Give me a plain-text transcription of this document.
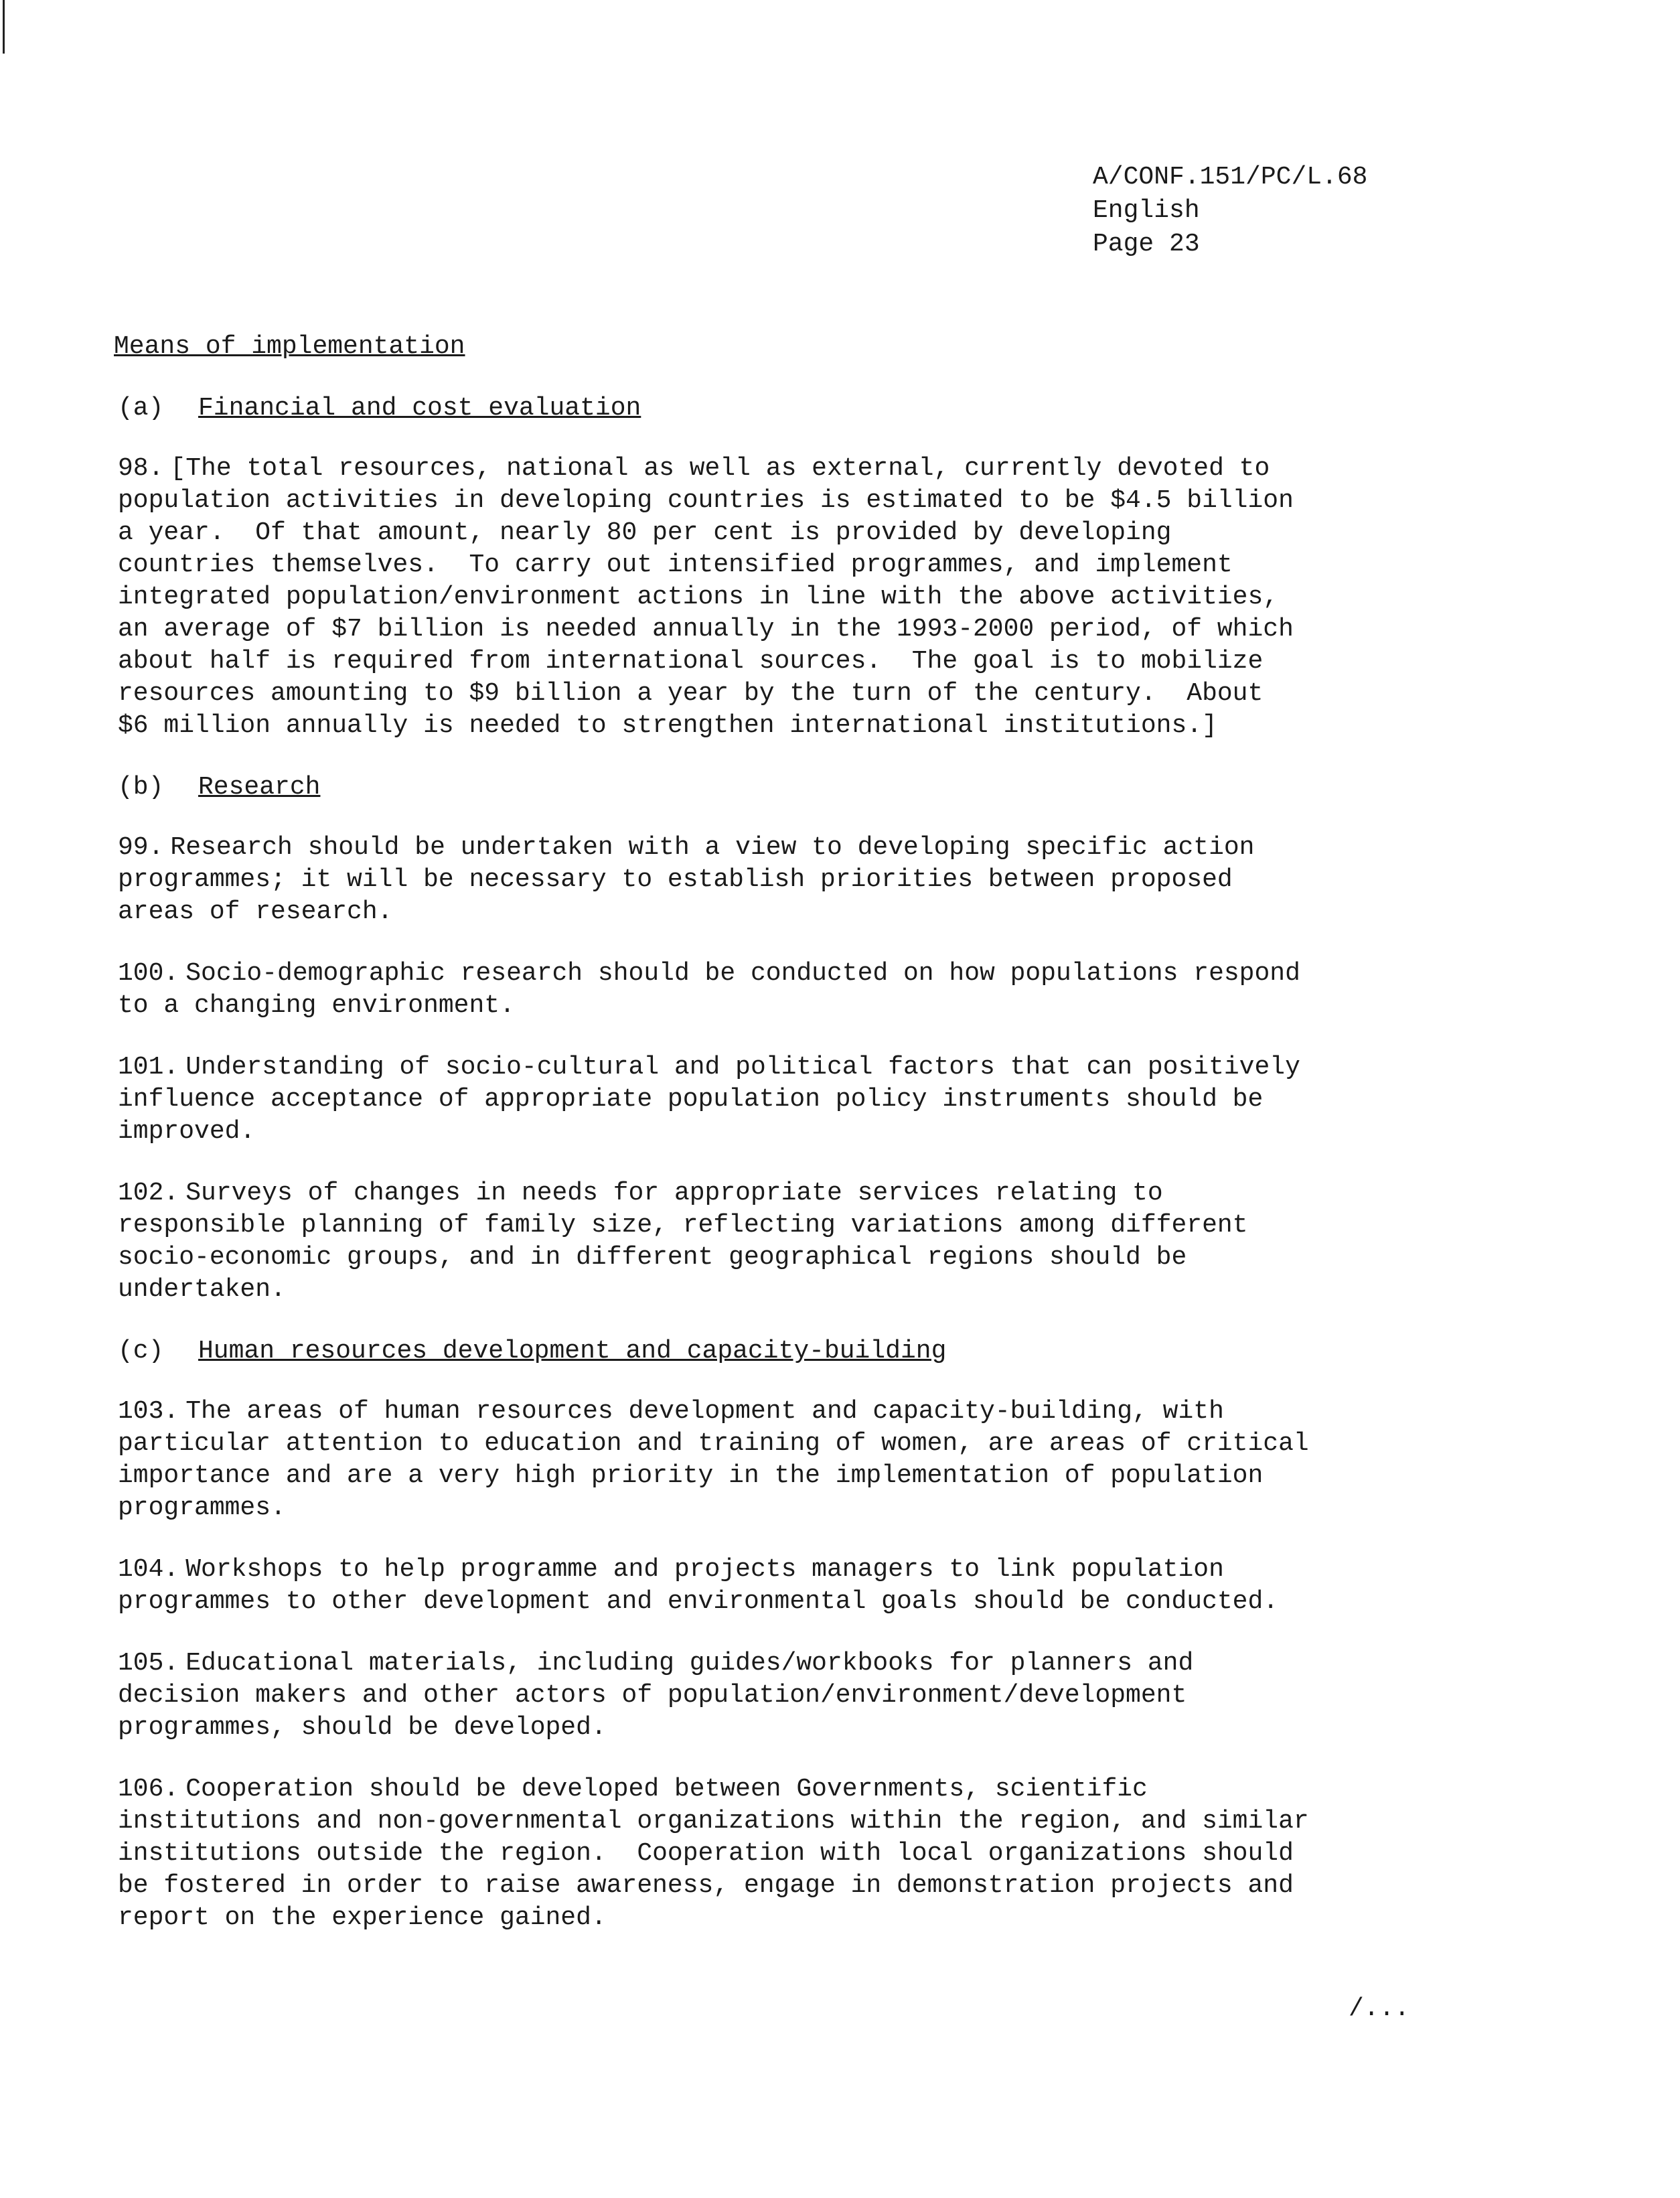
A/CONF.151/PC/L.68
English
Page 23
Means of implementation
(a) Financial and cost evaluation
98. [The total resources, national as well as external, currently devoted to
population activities in developing countries is estimated to be $4.5 billion
a year.  Of that amount, nearly 80 per cent is provided by developing
countries themselves.  To carry out intensified programmes, and implement
integrated population/environment actions in line with the above activities,
an average of $7 billion is needed annually in the 1993-2000 period, of which
about half is required from international sources.  The goal is to mobilize
resources amounting to $9 billion a year by the turn of the century.  About
$6 million annually is needed to strengthen international institutions.]
(b) Research
99. Research should be undertaken with a view to developing specific action
programmes; it will be necessary to establish priorities between proposed
areas of research.
100. Socio-demographic research should be conducted on how populations respond
to a changing environment.
101. Understanding of socio-cultural and political factors that can positively
influence acceptance of appropriate population policy instruments should be
improved.
102. Surveys of changes in needs for appropriate services relating to
responsible planning of family size, reflecting variations among different
socio-economic groups, and in different geographical regions should be
undertaken.
(c) Human resources development and capacity-building
103. The areas of human resources development and capacity-building, with
particular attention to education and training of women, are areas of critical
importance and are a very high priority in the implementation of population
programmes.
104. Workshops to help programme and projects managers to link population
programmes to other development and environmental goals should be conducted.
105. Educational materials, including guides/workbooks for planners and
decision makers and other actors of population/environment/development
programmes, should be developed.
106. Cooperation should be developed between Governments, scientific
institutions and non-governmental organizations within the region, and similar
institutions outside the region.  Cooperation with local organizations should
be fostered in order to raise awareness, engage in demonstration projects and
report on the experience gained.
/...
